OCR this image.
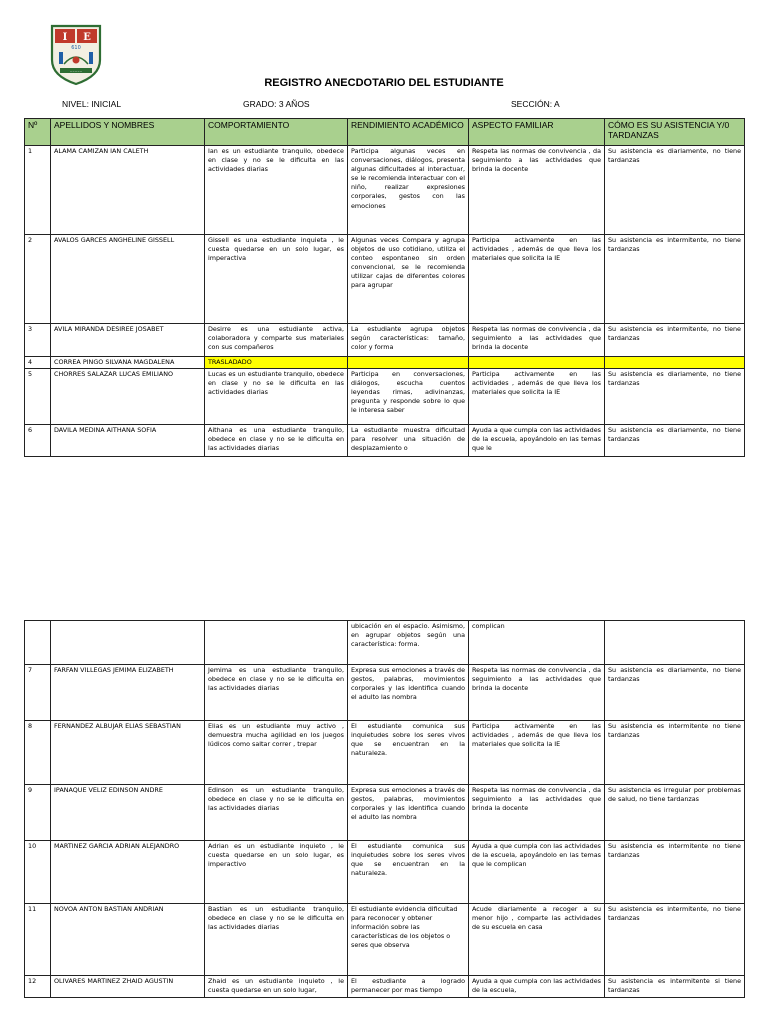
I E
610
~~~~~
REGISTRO ANECDOTARIO DEL ESTUDIANTE
NIVEL: INICIAL	GRADO: 3 AÑOS	SECCIÓN: A
Nº	APELLIDOS Y NOMBRES	COMPORTAMIENTO	RENDIMIENTO ACADÉMICO	ASPECTO FAMILIAR	CÓMO ES SU ASISTENCIA Y/0 TARDANZAS
1	ALAMA CAMIZAN IAN CALETH	Ian es un estudiante tranquilo, obedece en clase y no se le dificulta en las actividades diarias	Participa algunas veces en conversaciones, diálogos, presenta algunas dificultades al interactuar, se le recomienda interactuar con el niño, realizar expresiones corporales, gestos con las emociones	Respeta las normas de convivencia , da seguimiento a las actividades que brinda la docente	Su asistencia es diariamente, no tiene tardanzas
2	AVALOS GARCES ANGHELINE GISSELL	Gissell es una estudiante inquieta , le cuesta quedarse en un solo lugar, es imperactiva	Algunas veces Compara y agrupa objetos de uso cotidiano, utiliza el conteo espontaneo sin orden convencional, se le recomienda utilizar cajas de diferentes colores para agrupar	Participa activamente en las actividades , además de que lleva los materiales que solicita la IE	Su asistencia es intermitente, no tiene tardanzas
3	AVILA MIRANDA DESIREE JOSABET	Desirre es una estudiante activa, colaboradora y comparte sus materiales con sus compañeros	La estudiante agrupa objetos según características: tamaño, color y forma	Respeta las normas de convivencia , da seguimiento a las actividades que brinda la docente	Su asistencia es intermitente, no tiene tardanzas
4	CORREA PINGO SILVANA MAGDALENA	TRASLADADO			
5	CHORRES SALAZAR LUCAS EMILIANO	Lucas es un estudiante tranquilo, obedece en clase y no se le dificulta en las actividades diarias	Participa en conversaciones, diálogos, escucha cuentos leyendas rimas, adivinanzas, pregunta y responde sobre lo que le interesa saber	Participa activamente en las actividades , además de que lleva los materiales que solicita la IE	Su asistencia es diariamente, no tiene tardanzas
6	DAVILA MEDINA AITHANA SOFIA	Aithana es una estudiante tranquilo, obedece en clase y no se le dificulta en las actividades diarias	La estudiante muestra dificultad para resolver una situación de desplazamiento o	Ayuda a que cumpla con las actividades de la escuela, apoyándolo en las temas que le	Su asistencia es diariamente, no tiene tardanzas
			ubicación en el espacio. Asimismo, en agrupar objetos según una característica: forma.	complican	
7	FARFAN VILLEGAS JEMIMA ELIZABETH	Jemima es una estudiante tranquilo, obedece en clase y no se le dificulta en las actividades diarias	Expresa sus emociones a través de gestos, palabras, movimientos corporales y las identifica cuando el adulto las nombra	Respeta las normas de convivencia , da seguimiento a las actividades que brinda la docente	Su asistencia es diariamente, no tiene tardanzas
8	FERNANDEZ ALBUJAR ELIAS SEBASTIAN	Elias es un estudiante muy activo , demuestra mucha agilidad en los juegos lúdicos como saltar correr , trepar	El estudiante comunica sus inquietudes sobre los seres vivos que se encuentran en la naturaleza.	Participa activamente en las actividades , además de que lleva los materiales que solicita la IE	Su asistencia es intermitente no tiene tardanzas
9	IPANAQUE VELIZ EDINSON ANDRE	Edinson es un estudiante tranquilo, obedece en clase y no se le dificulta en las actividades diarias	Expresa sus emociones a través de gestos, palabras, movimientos corporales y las identifica cuando el adulto las nombra	Respeta las normas de convivencia , da seguimiento a las actividades que brinda la docente	Su asistencia es irregular por problemas de salud, no tiene tardanzas
10	MARTINEZ GARCIA ADRIAN ALEJANDRO	Adrian es un estudiante inquieto , le cuesta quedarse en un solo lugar, es imperactivo	El estudiante comunica sus inquietudes sobre los seres vivos que se encuentran en la naturaleza.	Ayuda a que cumpla con las actividades de la escuela, apoyándolo en las temas que le complican	Su asistencia es intermitente no tiene tardanzas
11	NOVOA ANTON BASTIAN ANDRIAN	Bastian es un estudiante tranquilo, obedece en clase y no se le dificulta en las actividades diarias	El estudiante evidencia dificultad para reconocer y obtener información sobre las características de los objetos o seres que observa	Acude diariamente a recoger a su menor hijo , comparte las actividades de su escuela en casa	Su asistencia es intermitente, no tiene tardanzas
12	OLIVARES MARTINEZ ZHAID AGUSTIN	Zhaid es un estudiante inquieto , le cuesta quedarse en un solo lugar,	El estudiante a logrado permanecer por mas tiempo	Ayuda a que cumpla con las actividades de la escuela,	Su asistencia es intermitente si tiene tardanzas
